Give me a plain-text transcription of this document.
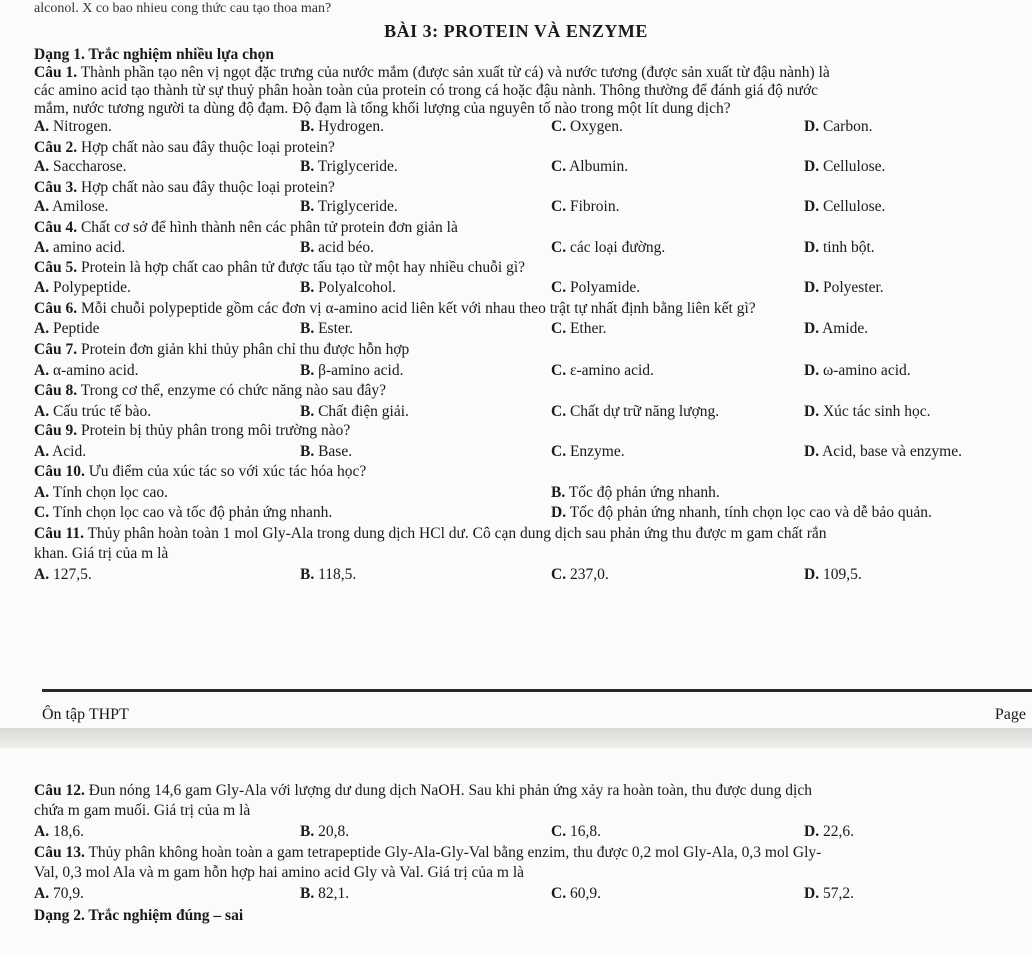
alconol. X co bao nhieu cong thức cau tạo thoa man?
BÀI 3: PROTEIN VÀ ENZYME
Dạng 1. Trắc nghiệm nhiều lựa chọn
Câu 1. Thành phần tạo nên vị ngọt đặc trưng của nước mắm (được sản xuất từ cá) và nước tương (được sản xuất từ đậu nành) là
các amino acid tạo thành từ sự thuỷ phân hoàn toàn của protein có trong cá hoặc đậu nành. Thông thường để đánh giá độ nước
mắm, nước tương người ta dùng độ đạm. Độ đạm là tổng khối lượng của nguyên tố nào trong một lít dung dịch?
A. Nitrogen.	B. Hydrogen.	C. Oxygen.	D. Carbon.
Câu 2. Hợp chất nào sau đây thuộc loại protein?
A. Saccharose.	B. Triglyceride.	C. Albumin.	D. Cellulose.
Câu 3. Hợp chất nào sau đây thuộc loại protein?
A. Amilose.	B. Triglyceride.	C. Fibroin.	D. Cellulose.
Câu 4. Chất cơ sở để hình thành nên các phân tử protein đơn giản là
A. amino acid.	B. acid béo.	C. các loại đường.	D. tinh bột.
Câu 5. Protein là hợp chất cao phân tử được tấu tạo từ một hay nhiều chuỗi gì?
A. Polypeptide.	B. Polyalcohol.	C. Polyamide.	D. Polyester.
Câu 6. Mỗi chuỗi polypeptide gồm các đơn vị α-amino acid liên kết với nhau theo trật tự nhất định bằng liên kết gì?
A. Peptide	B. Ester.	C. Ether.	D. Amide.
Câu 7. Protein đơn giản khi thủy phân chỉ thu được hỗn hợp
A. α-amino acid.	B. β-amino acid.	C. ε-amino acid.	D. ω-amino acid.
Câu 8. Trong cơ thể, enzyme có chức năng nào sau đây?
A. Cấu trúc tế bào.	B. Chất điện giải.	C. Chất dự trữ năng lượng.	D. Xúc tác sinh học.
Câu 9. Protein bị thủy phân trong môi trường nào?
A. Acid.	B. Base.	C. Enzyme.	D. Acid, base và enzyme.
Câu 10. Ưu điểm của xúc tác so với xúc tác hóa học?
A. Tính chọn lọc cao.	B. Tốc độ phản ứng nhanh.
C. Tính chọn lọc cao và tốc độ phản ứng nhanh.	D. Tốc độ phản ứng nhanh, tính chọn lọc cao và dễ bảo quản.
Câu 11. Thủy phân hoàn toàn 1 mol Gly-Ala trong dung dịch HCl dư. Cô cạn dung dịch sau phản ứng thu được m gam chất rắn
khan. Giá trị của m là
A. 127,5.	B. 118,5.	C. 237,0.	D. 109,5.
Ôn tập THPT	Page
Câu 12. Đun nóng 14,6 gam Gly-Ala với lượng dư dung dịch NaOH. Sau khi phản ứng xảy ra hoàn toàn, thu được dung dịch
chứa m gam muối. Giá trị của m là
A. 18,6.	B. 20,8.	C. 16,8.	D. 22,6.
Câu 13. Thủy phân không hoàn toàn a gam tetrapeptide Gly-Ala-Gly-Val bằng enzim, thu được 0,2 mol Gly-Ala, 0,3 mol Gly-
Val, 0,3 mol Ala và m gam hỗn hợp hai amino acid Gly và Val. Giá trị của m là
A. 70,9.	B. 82,1.	C. 60,9.	D. 57,2.
Dạng 2. Trắc nghiệm đúng – sai
